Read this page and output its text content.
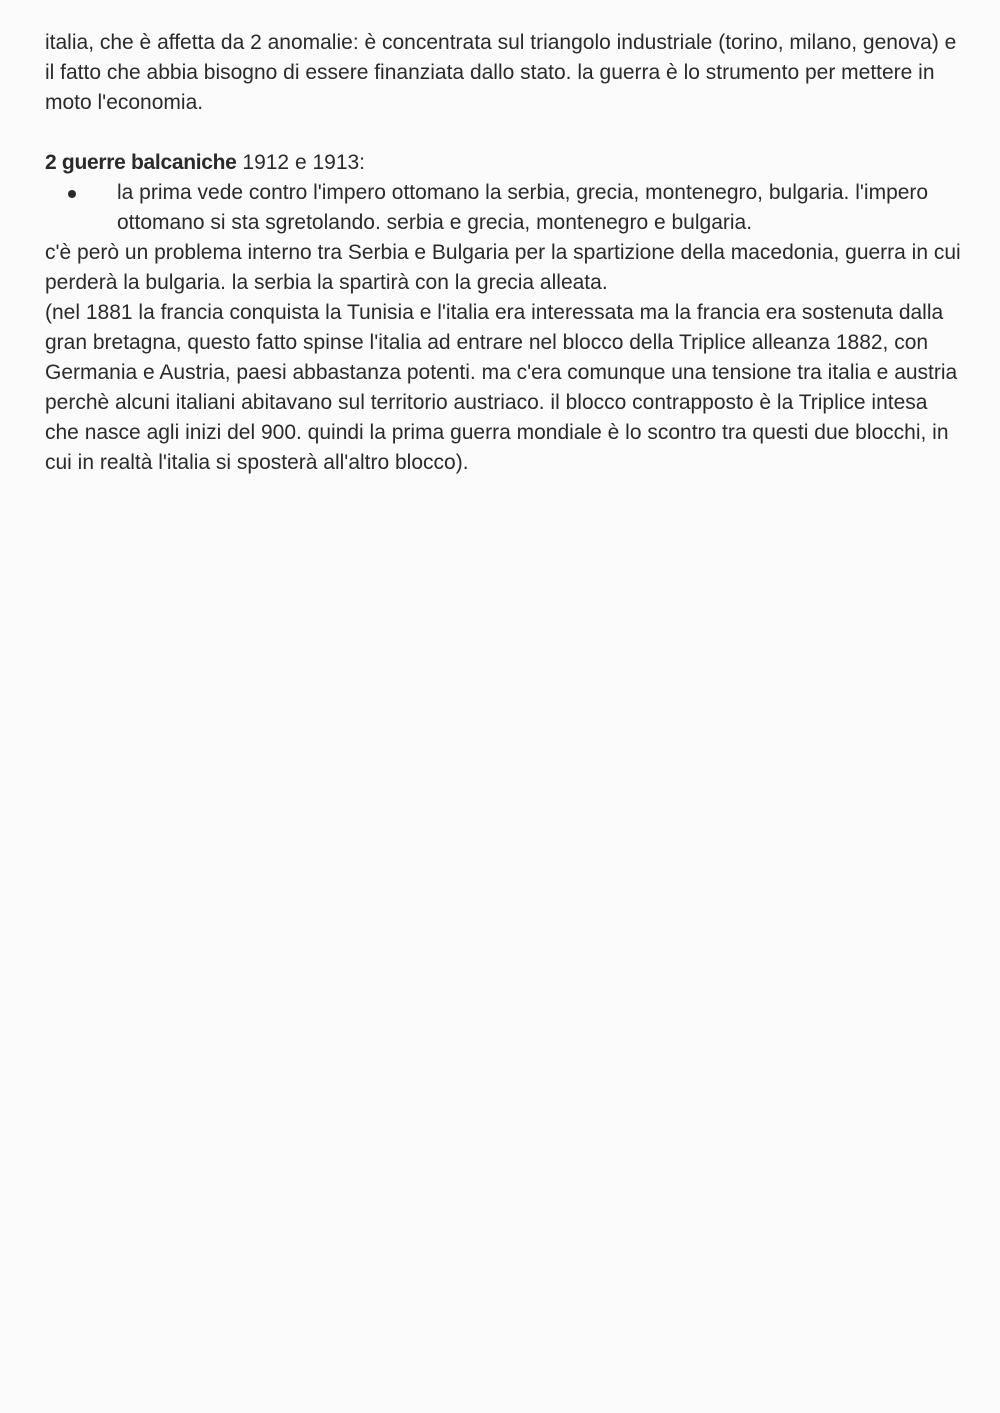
italia, che è affetta da 2 anomalie: è concentrata sul triangolo industriale (torino, milano, genova) e il fatto che abbia bisogno di essere finanziata dallo stato. la guerra è lo strumento per mettere in moto l'economia.

2 guerre balcaniche 1912 e 1913:

la prima vede contro l'impero ottomano la serbia, grecia, montenegro, bulgaria. l'impero ottomano si sta sgretolando. serbia e grecia, montenegro e bulgaria.

c'è però un problema interno tra Serbia e Bulgaria per la spartizione della macedonia, guerra in cui perderà la bulgaria. la serbia la spartirà con la grecia alleata.

(nel 1881 la francia conquista la Tunisia e l'italia era interessata ma la francia era sostenuta dalla gran bretagna, questo fatto spinse l'italia ad entrare nel blocco della Triplice alleanza 1882, con Germania e Austria, paesi abbastanza potenti. ma c'era comunque una tensione tra italia e austria perchè alcuni italiani abitavano sul territorio austriaco. il blocco contrapposto è la Triplice intesa che nasce agli inizi del 900. quindi la prima guerra mondiale è lo scontro tra questi due blocchi, in cui in realtà l'italia si sposterà all'altro blocco).
